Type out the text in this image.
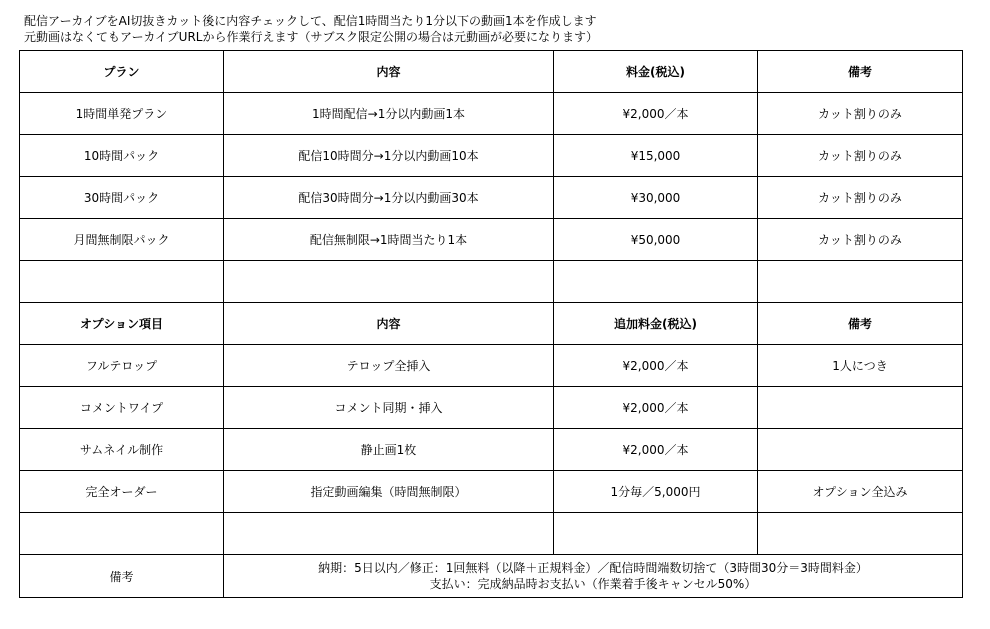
配信アーカイブをAI切抜きカット後に内容チェックして、配信1時間当たり1分以下の動画1本を作成します
元動画はなくてもアーカイブURLから作業行えます（サブスク限定公開の場合は元動画が必要になります）
プラン	内容	料金(税込)	備考
1時間単発プラン	1時間配信→1分以内動画1本	¥2,000／本	カット割りのみ
10時間パック	配信10時間分→1分以内動画10本	¥15,000	カット割りのみ
30時間パック	配信30時間分→1分以内動画30本	¥30,000	カット割りのみ
月間無制限パック	配信無制限→1時間当たり1本	¥50,000	カット割りのみ

オプション項目	内容	追加料金(税込)	備考
フルテロップ	テロップ全挿入	¥2,000／本	1人につき
コメントワイプ	コメント同期・挿入	¥2,000／本	
サムネイル制作	静止画1枚	¥2,000／本	
完全オーダー	指定動画編集（時間無制限）	1分毎／5,000円	オプション全込み

備考	納期：5日以内／修正：1回無料（以降＋正規料金）／配信時間端数切捨て（3時間30分＝3時間料金）
支払い：完成納品時お支払い（作業着手後キャンセル50%）		
